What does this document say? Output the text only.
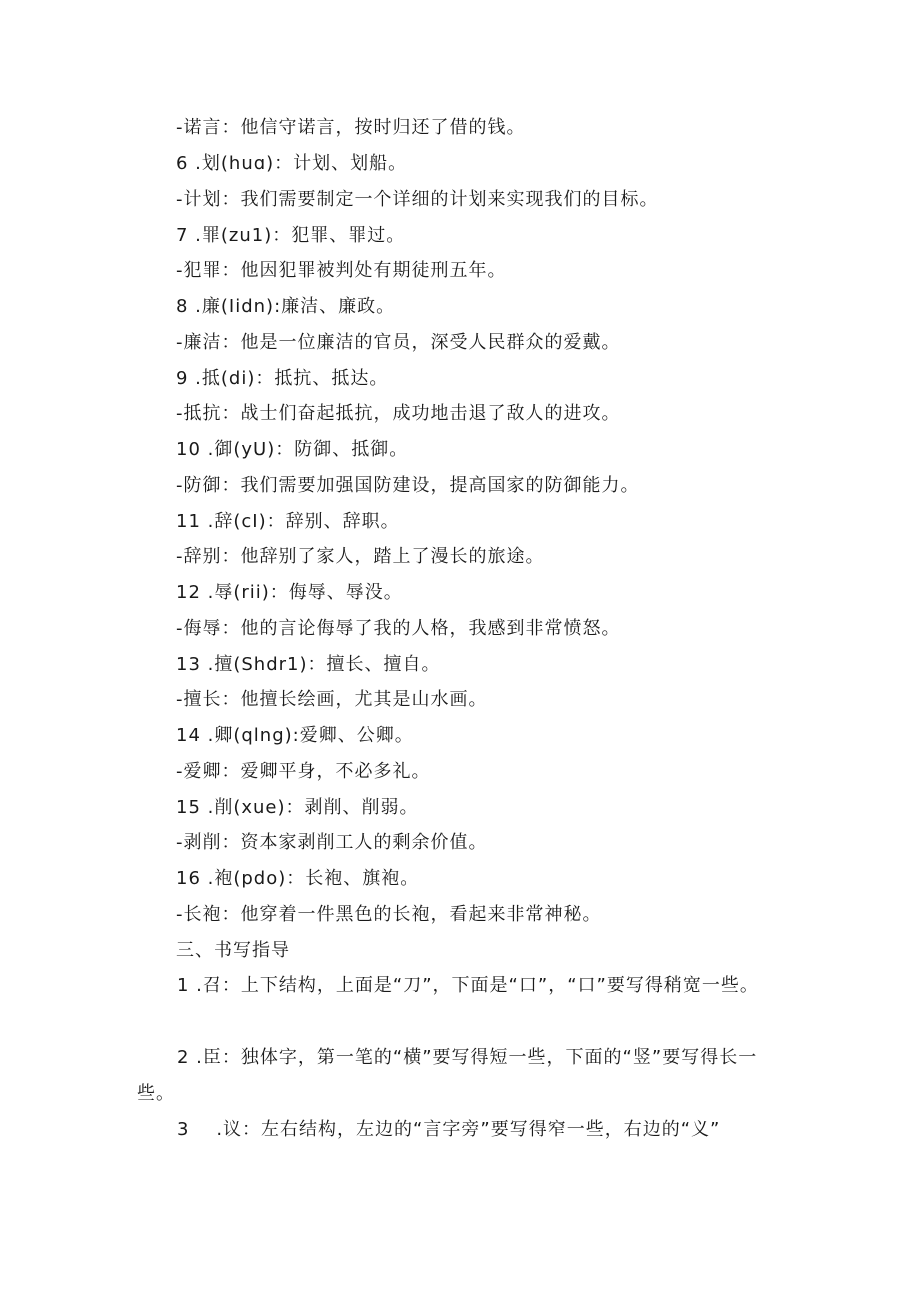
-诺言：他信守诺言，按时归还了借的钱。
6 .划(huɑ)：计划、划船。
-计划：我们需要制定一个详细的计划来实现我们的目标。
7 .罪(zu1)：犯罪、罪过。
-犯罪：他因犯罪被判处有期徒刑五年。
8 .廉(Iidn):廉洁、廉政。
-廉洁：他是一位廉洁的官员，深受人民群众的爱戴。
9 .抵(di)：抵抗、抵达。
-抵抗：战士们奋起抵抗，成功地击退了敌人的进攻。
10 .御(yU)：防御、抵御。
-防御：我们需要加强国防建设，提高国家的防御能力。
11 .辞(cI)：辞别、辞职。
-辞别：他辞别了家人，踏上了漫长的旅途。
12 .辱(rii)：侮辱、辱没。
-侮辱：他的言论侮辱了我的人格，我感到非常愤怒。
13 .擅(Shdr1)：擅长、擅自。
-擅长：他擅长绘画，尤其是山水画。
14 .卿(qlng):爱卿、公卿。
-爱卿：爱卿平身，不必多礼。
15 .削(xue)：剥削、削弱。
-剥削：资本家剥削工人的剩余价值。
16 .袍(pdo)：长袍、旗袍。
-长袍：他穿着一件黑色的长袍，看起来非常神秘。
三、书写指导
1 .召：上下结构，上面是“刀”，下面是“口”，“口”要写得稍宽一些。
2 .臣：独体字，第一笔的“横”要写得短一些，下面的“竖”要写得长一些。
3    .议：左右结构，左边的“言字旁”要写得窄一些，右边的“义”
